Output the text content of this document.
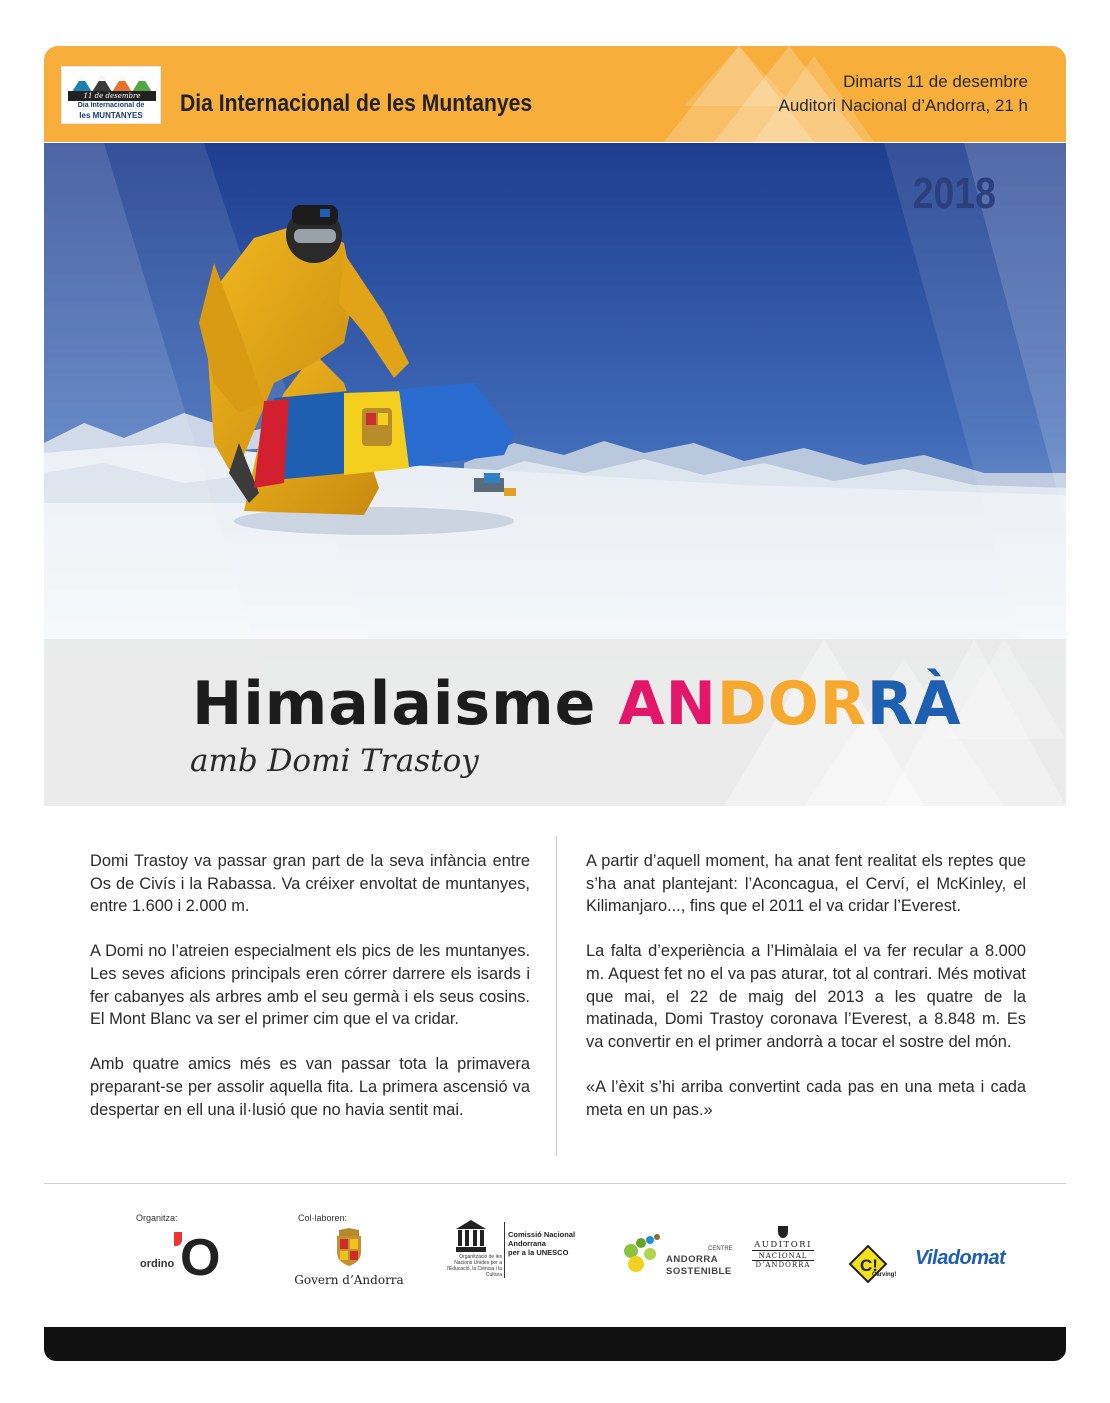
11 de desembre
Dia Internacional de
les MUNTANYES	Dia Internacional de les Muntanyes
Dimarts 11 de desembre
Auditori Nacional d’Andorra, 21 h
2018
Himalaisme ANDORRÀ
amb Domi Trastoy

Domi Trastoy va passar gran part de la seva infància entre Os de Civís i la Rabassa. Va créixer envoltat de muntanyes, entre 1.600 i 2.000 m.

A Domi no l’atreien especialment els pics de les muntanyes. Les seves aficions principals eren córrer darrere els isards i fer cabanyes als arbres amb el seu germà i els seus cosins. El Mont Blanc va ser el primer cim que el va cridar.

Amb quatre amics més es van passar tota la primavera preparant-se per assolir aquella fita. La primera ascensió va despertar en ell una il·lusió que no havia sentit mai.

A partir d’aquell moment, ha anat fent realitat els reptes que s’ha anat plantejant: l’Aconcagua, el Cerví, el McKinley, el Kilimanjaro..., fins que el 2011 el va cridar l’Everest.

La falta d’experiència a l’Himàlaia el va fer recular a 8.000 m. Aquest fet no el va pas aturar, tot al contrari. Més motivat que mai, el 22 de maig del 2013 a les quatre de la matinada, Domi Trastoy coronava l’Everest, a 8.848 m. Es va convertir en el primer andorrà a tocar el sostre del món.

«A l’èxit s’hi arriba convertint cada pas en una meta i cada meta en un pas.»

Organitza:	Col·laboren:
ordino O	Govern d’Andorra
Organització de les Nacions Unides per a l’Educació, la Ciència i la Cultura
Comissió Nacional Andorrana
per a la UNESCO	CENTRE
ANDORRA
SOSTENIBLE
AUDITORI
NACIONAL
D’ANDORRA	C!
Carving!
Viladomat
